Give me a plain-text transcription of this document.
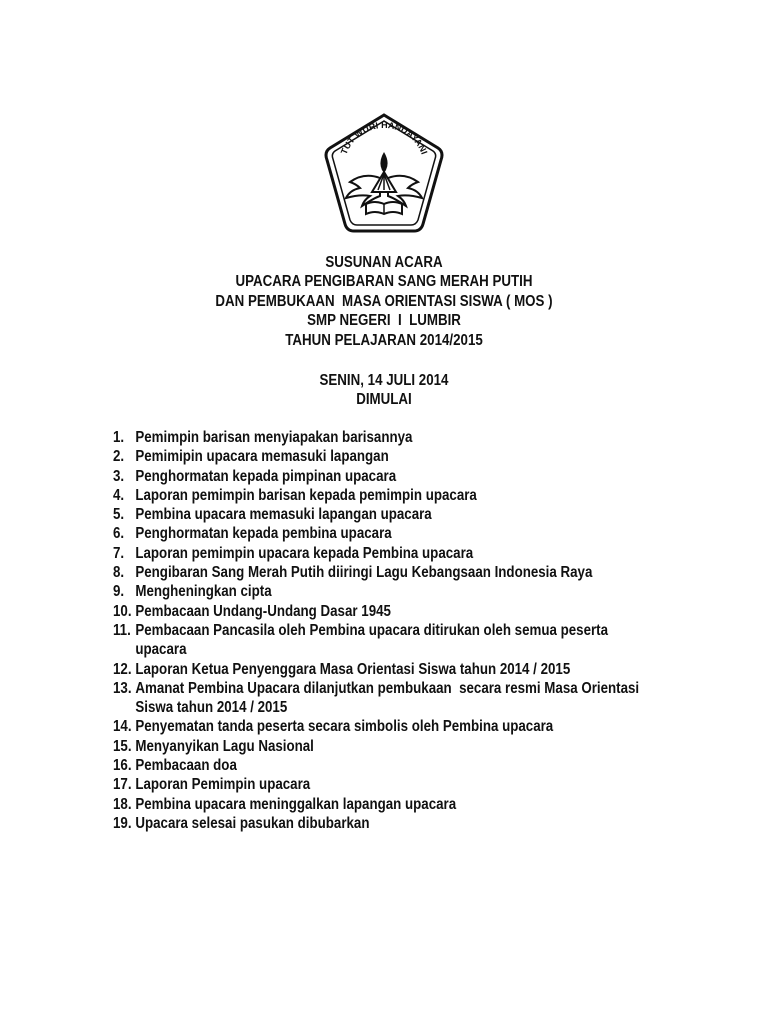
TUT WURI HANDAYANI
SUSUNAN ACARA
UPACARA PENGIBARAN SANG MERAH PUTIH
DAN PEMBUKAAN  MASA ORIENTASI SISWA ( MOS )
SMP NEGERI  I  LUMBIR
TAHUN PELAJARAN 2014/2015
SENIN, 14 JULI 2014
DIMULAI
1. Pemimpin barisan menyiapakan barisannya
2. Pemimipin upacara memasuki lapangan
3. Penghormatan kepada pimpinan upacara
4. Laporan pemimpin barisan kepada pemimpin upacara
5. Pembina upacara memasuki lapangan upacara
6. Penghormatan kepada pembina upacara
7. Laporan pemimpin upacara kepada Pembina upacara
8. Pengibaran Sang Merah Putih diiringi Lagu Kebangsaan Indonesia Raya
9. Mengheningkan cipta
10. Pembacaan Undang-Undang Dasar 1945
11. Pembacaan Pancasila oleh Pembina upacara ditirukan oleh semua peserta upacara
12. Laporan Ketua Penyenggara Masa Orientasi Siswa tahun 2014 / 2015
13. Amanat Pembina Upacara dilanjutkan pembukaan  secara resmi Masa Orientasi Siswa tahun 2014 / 2015
14. Penyematan tanda peserta secara simbolis oleh Pembina upacara
15. Menyanyikan Lagu Nasional
16. Pembacaan doa
17. Laporan Pemimpin upacara
18. Pembina upacara meninggalkan lapangan upacara
19. Upacara selesai pasukan dibubarkan
